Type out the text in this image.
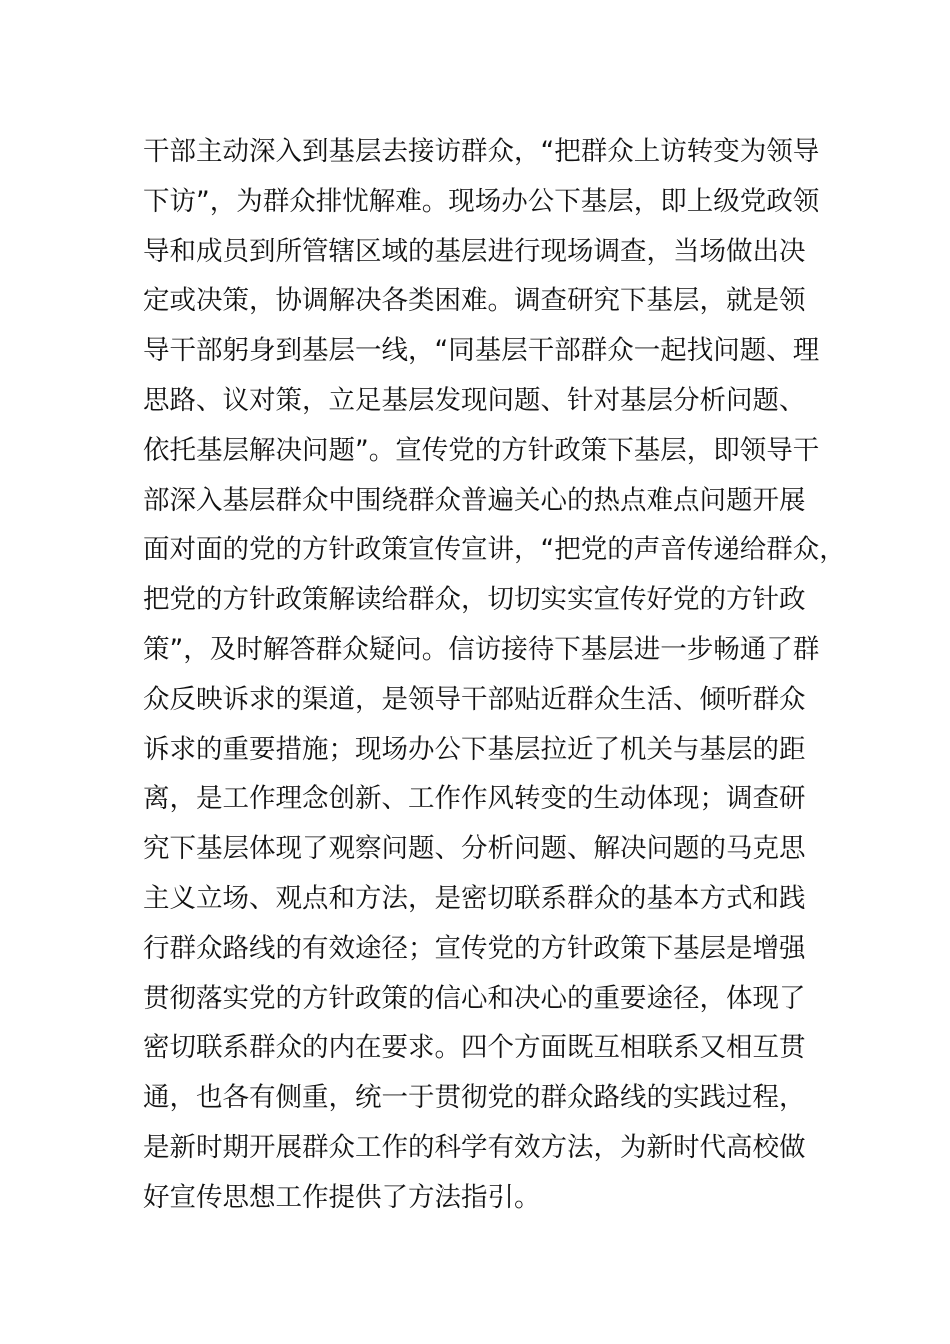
干部主动深入到基层去接访群众，“把群众上访转变为领导
下访”，为群众排忧解难。现场办公下基层，即上级党政领
导和成员到所管辖区域的基层进行现场调查，当场做出决
定或决策，协调解决各类困难。调查研究下基层，就是领
导干部躬身到基层一线，“同基层干部群众一起找问题、理
思路、议对策，立足基层发现问题、针对基层分析问题、
依托基层解决问题”。宣传党的方针政策下基层，即领导干
部深入基层群众中围绕群众普遍关心的热点难点问题开展
面对面的党的方针政策宣传宣讲，“把党的声音传递给群众，
把党的方针政策解读给群众，切切实实宣传好党的方针政
策”，及时解答群众疑问。信访接待下基层进一步畅通了群
众反映诉求的渠道，是领导干部贴近群众生活、倾听群众
诉求的重要措施；现场办公下基层拉近了机关与基层的距
离，是工作理念创新、工作作风转变的生动体现；调查研
究下基层体现了观察问题、分析问题、解决问题的马克思
主义立场、观点和方法，是密切联系群众的基本方式和践
行群众路线的有效途径；宣传党的方针政策下基层是增强
贯彻落实党的方针政策的信心和决心的重要途径，体现了
密切联系群众的内在要求。四个方面既互相联系又相互贯
通，也各有侧重，统一于贯彻党的群众路线的实践过程，
是新时期开展群众工作的科学有效方法，为新时代高校做
好宣传思想工作提供了方法指引。
